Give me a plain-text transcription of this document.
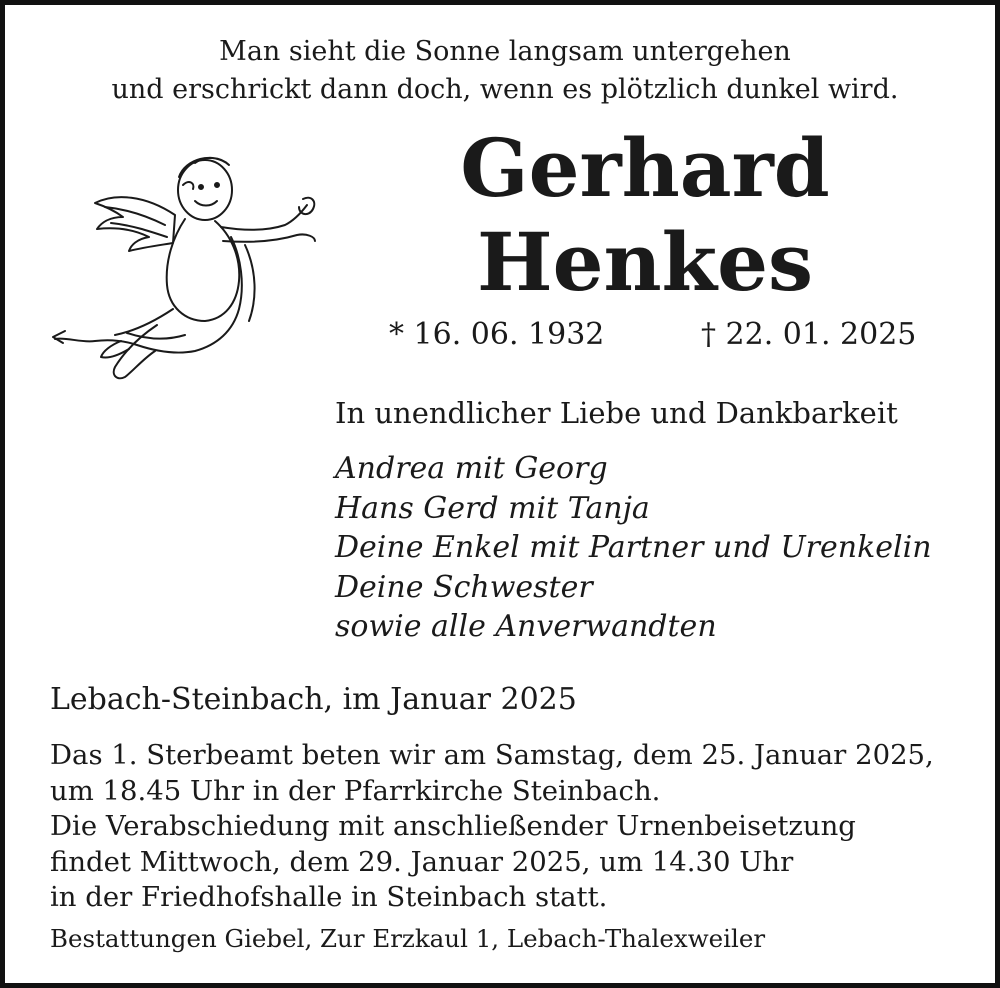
Man sieht die Sonne langsam untergehen
und erschrickt dann doch, wenn es plötzlich dunkel wird.
Gerhard
Henkes
* 16. 06. 1932	† 22. 01. 2025
In unendlicher Liebe und Dankbarkeit
Andrea mit Georg
Hans Gerd mit Tanja
Deine Enkel mit Partner und Urenkelin
Deine Schwester
sowie alle Anverwandten
Lebach-Steinbach, im Januar 2025
Das 1. Sterbeamt beten wir am Samstag, dem 25. Januar 2025,
um 18.45 Uhr in der Pfarrkirche Steinbach.
Die Verabschiedung mit anschließender Urnenbeisetzung
findet Mittwoch, dem 29. Januar 2025, um 14.30 Uhr
in der Friedhofshalle in Steinbach statt.
Bestattungen Giebel, Zur Erzkaul 1, Lebach-Thalexweiler
